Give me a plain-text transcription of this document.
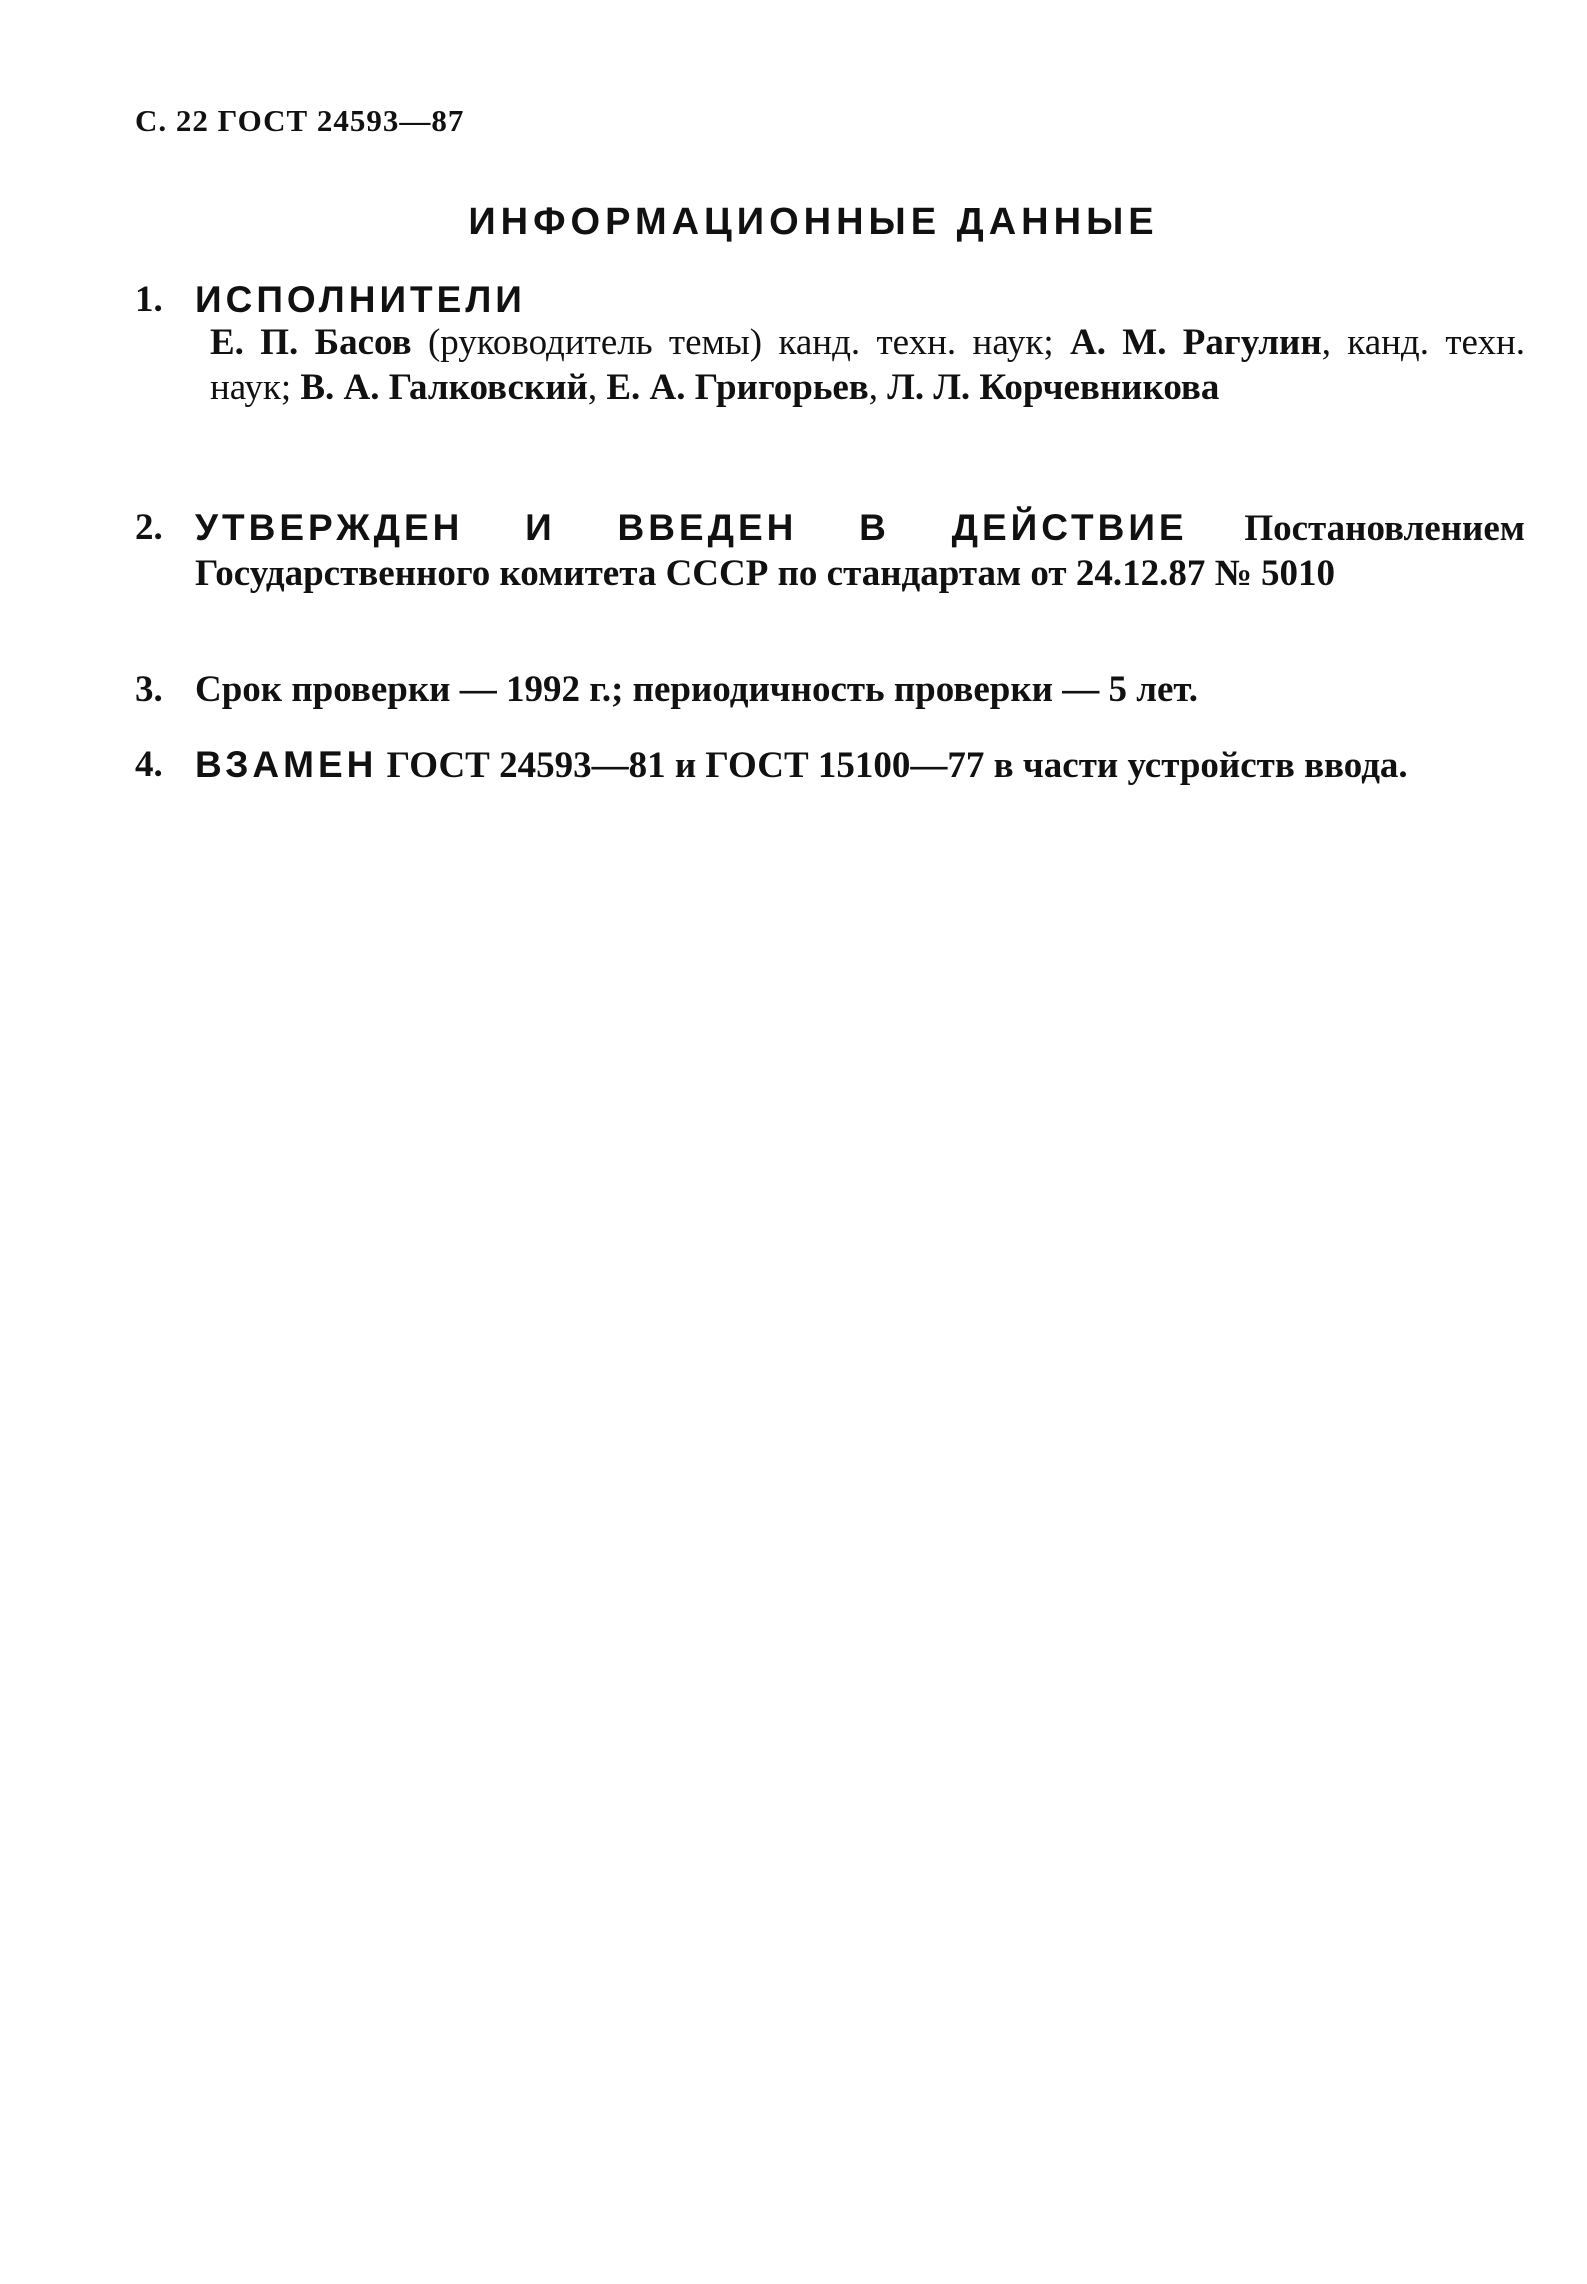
С. 22 ГОСТ 24593—87
ИНФОРМАЦИОННЫЕ ДАННЫЕ
1. ИСПОЛНИТЕЛИ
Е. П. Басов (руководитель темы) канд. техн. наук; А. М. Рагулин, канд. техн. наук; В. А. Галковский, Е. А. Григорьев, Л. Л. Корчевникова
2. УТВЕРЖДЕН И ВВЕДЕН В ДЕЙСТВИЕ Постановлением Государственного комитета СССР по стандартам от 24.12.87 № 5010
3. Срок проверки — 1992 г.; периодичность проверки — 5 лет.
4. ВЗАМЕН ГОСТ 24593—81 и ГОСТ 15100—77 в части устройств ввода.
